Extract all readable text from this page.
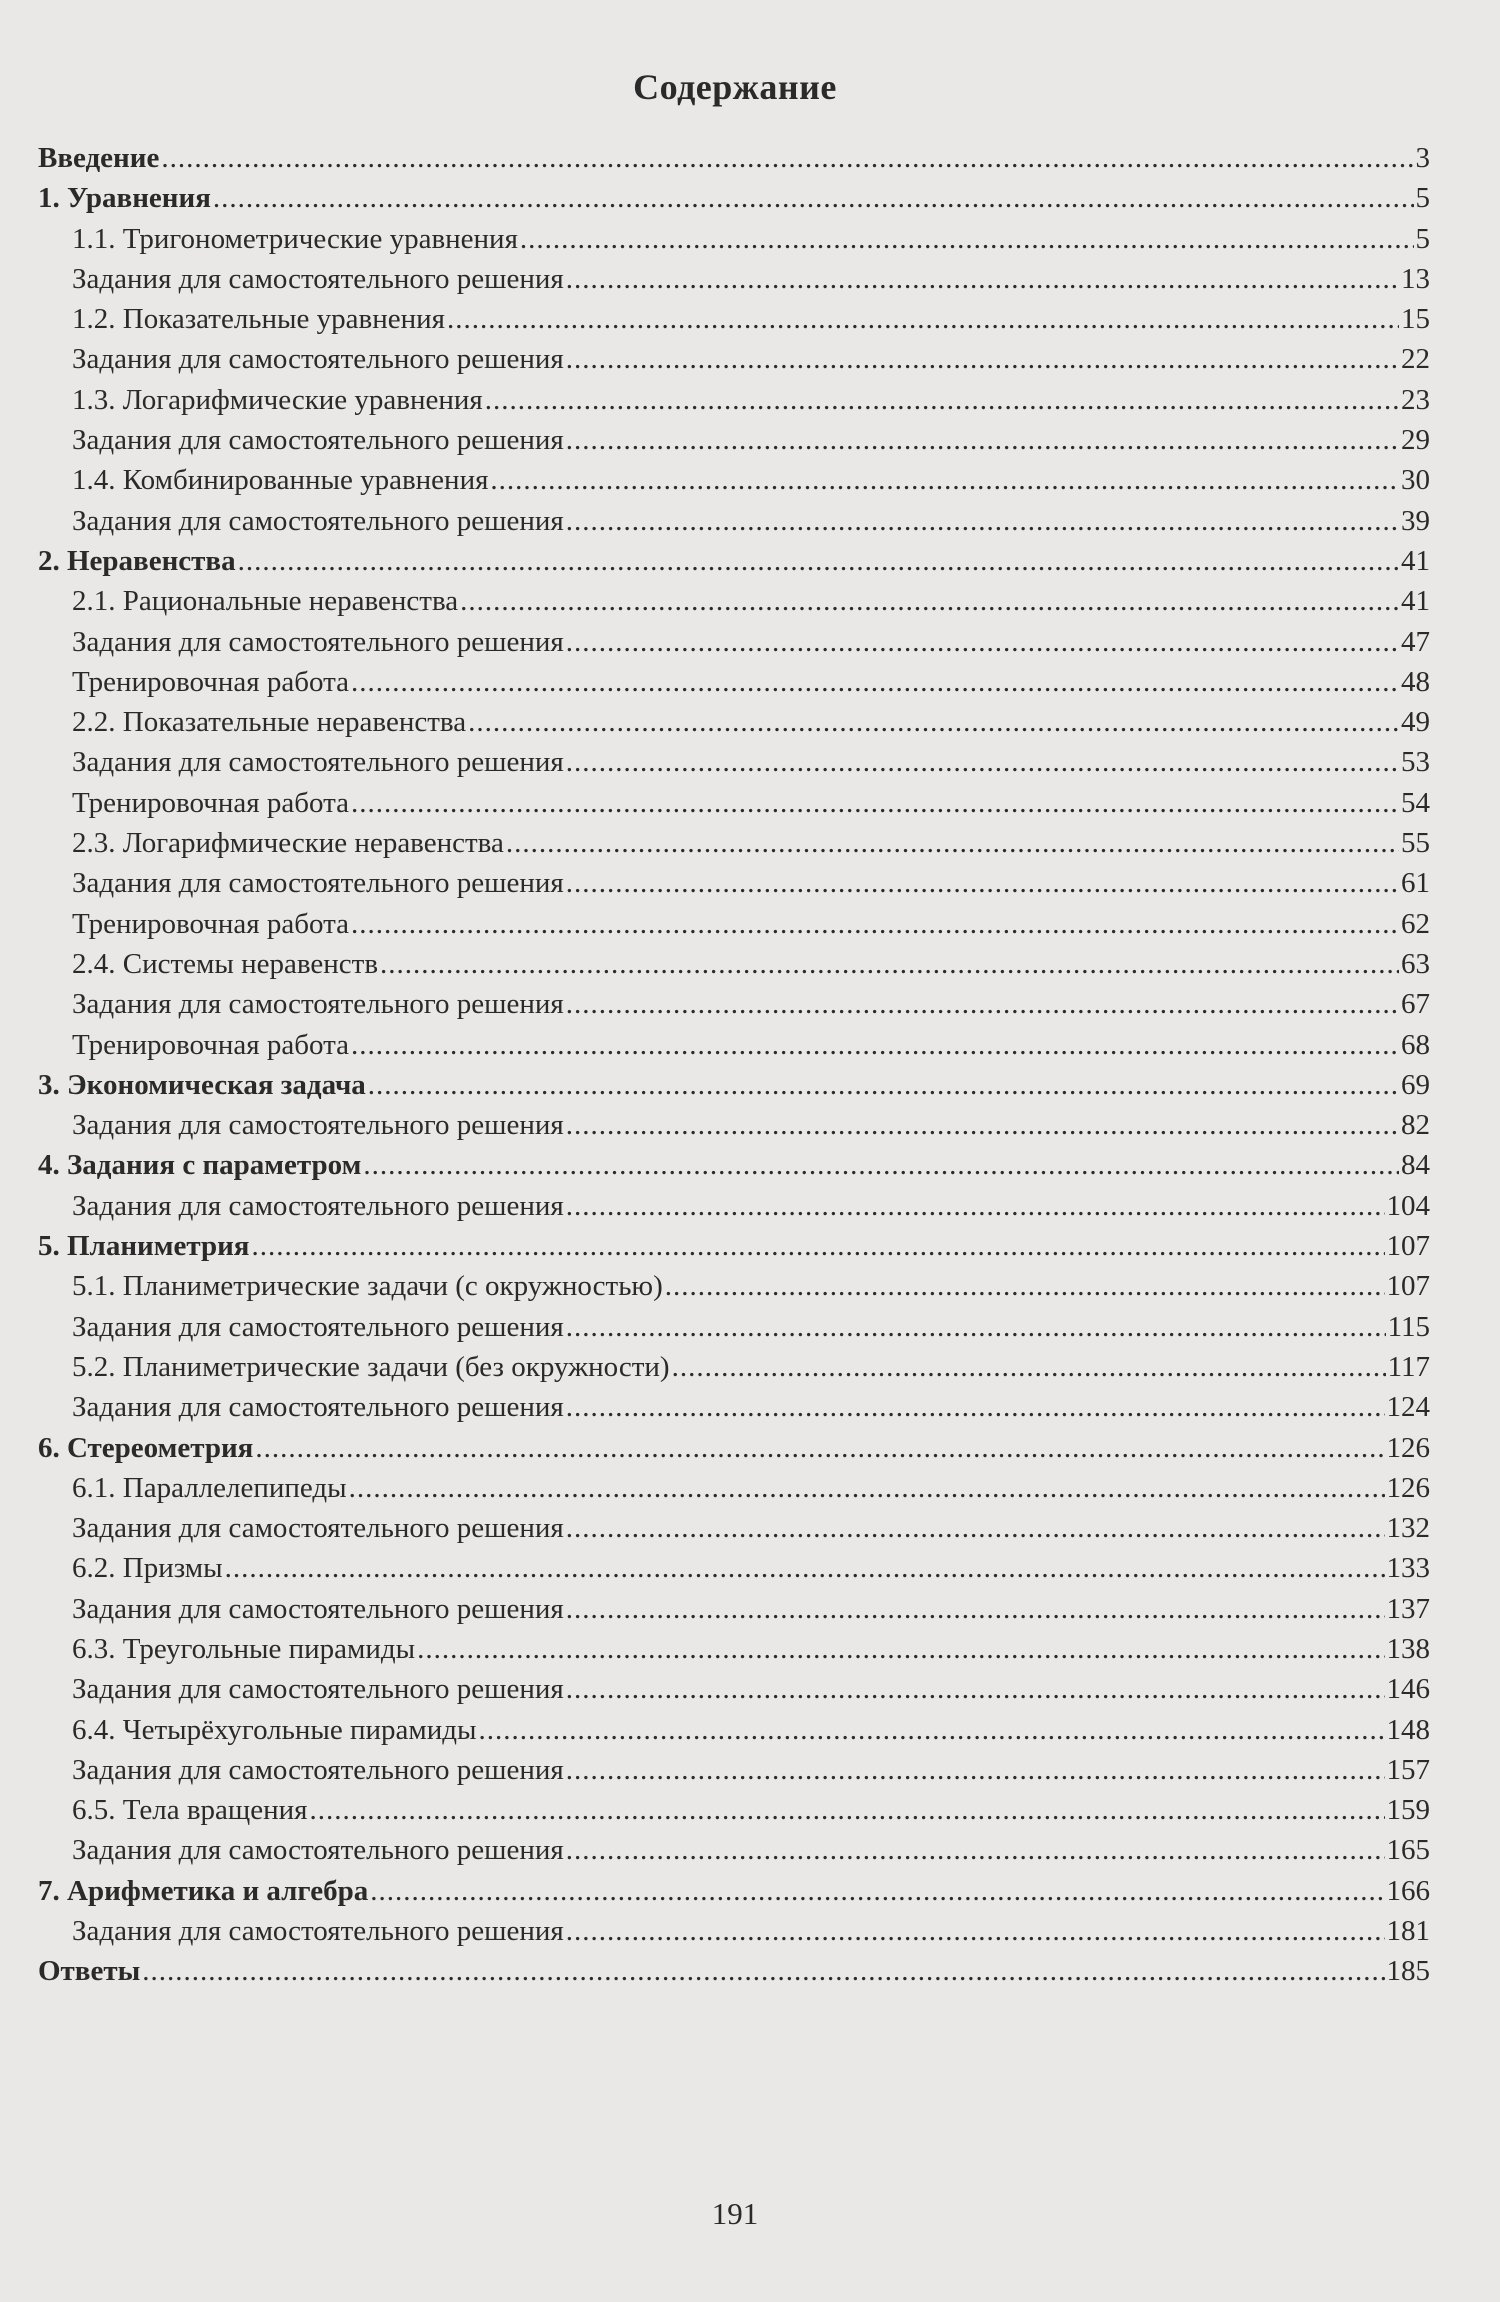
Содержание
Введение .....	3
1. Уравнения .....	5
1.1. Тригонометрические уравнения .....	5
Задания для самостоятельного решения .....	13
1.2. Показательные уравнения .....	15
Задания для самостоятельного решения .....	22
1.3. Логарифмические уравнения .....	23
Задания для самостоятельного решения .....	29
1.4. Комбинированные уравнения .....	30
Задания для самостоятельного решения .....	39
2. Неравенства .....	41
2.1. Рациональные неравенства .....	41
Задания для самостоятельного решения .....	47
Тренировочная работа .....	48
2.2. Показательные неравенства .....	49
Задания для самостоятельного решения .....	53
Тренировочная работа .....	54
2.3. Логарифмические неравенства .....	55
Задания для самостоятельного решения .....	61
Тренировочная работа .....	62
2.4. Системы неравенств .....	63
Задания для самостоятельного решения .....	67
Тренировочная работа .....	68
3. Экономическая задача .....	69
Задания для самостоятельного решения .....	82
4. Задания с параметром .....	84
Задания для самостоятельного решения .....	104
5. Планиметрия .....	107
5.1. Планиметрические задачи (с окружностью) .....	107
Задания для самостоятельного решения .....	115
5.2. Планиметрические задачи (без окружности) .....	117
Задания для самостоятельного решения .....	124
6. Стереометрия .....	126
6.1. Параллелепипеды .....	126
Задания для самостоятельного решения .....	132
6.2. Призмы .....	133
Задания для самостоятельного решения .....	137
6.3. Треугольные пирамиды .....	138
Задания для самостоятельного решения .....	146
6.4. Четырёхугольные пирамиды .....	148
Задания для самостоятельного решения .....	157
6.5. Тела вращения .....	159
Задания для самостоятельного решения .....	165
7. Арифметика и алгебра .....	166
Задания для самостоятельного решения .....	181
Ответы .....	185
191
